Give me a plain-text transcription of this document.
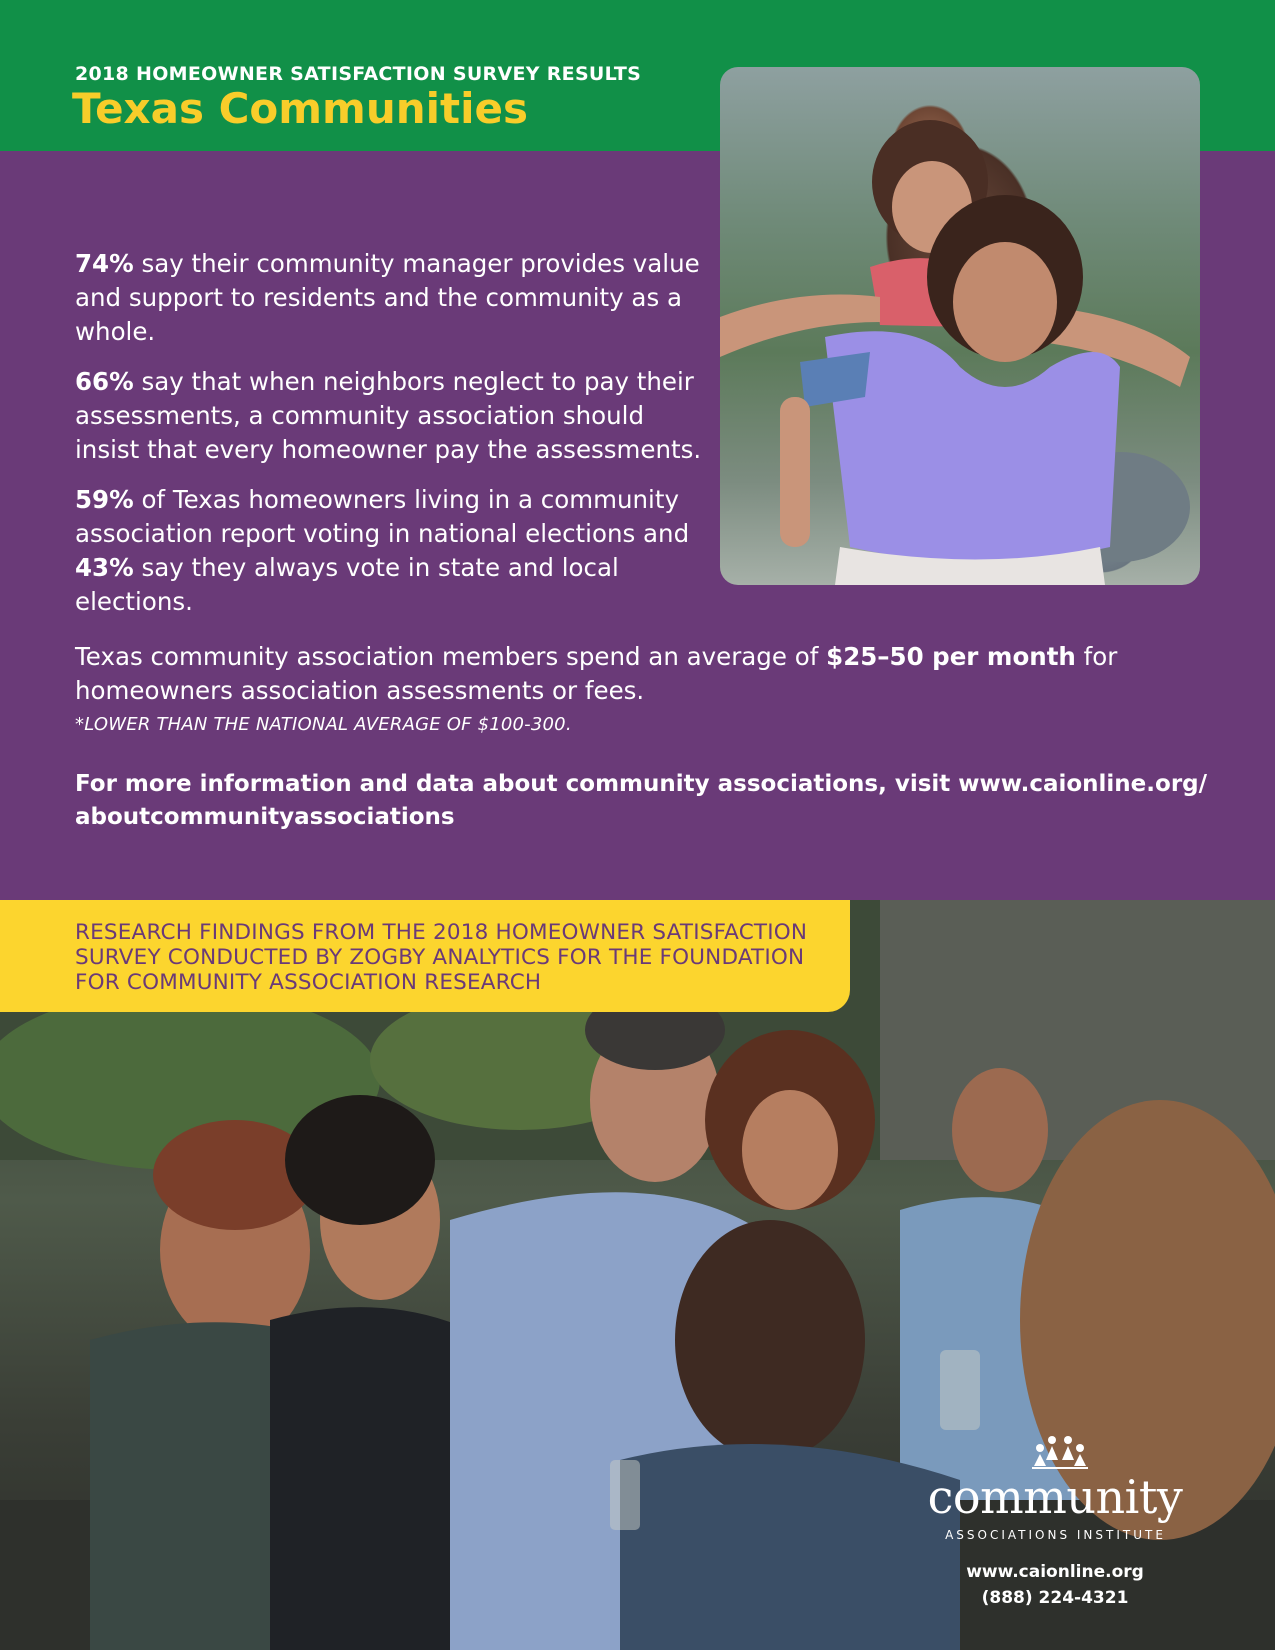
2018 HOMEOWNER SATISFACTION SURVEY RESULTS
Texas Communities

74% say their community manager provides value and support to residents and the community as a whole.

66% say that when neighbors neglect to pay their assessments, a community association should insist that every homeowner pay the assessments.

59% of Texas homeowners living in a community association report voting in national elections and 43% say they always vote in state and local elections.

Texas community association members spend an average of $25–50 per month for homeowners association assessments or fees.
*LOWER THAN THE NATIONAL AVERAGE OF $100-300.
For more information and data about community associations, visit www.caionline.org/ aboutcommunityassociations
RESEARCH FINDINGS FROM THE 2018 HOMEOWNER SATISFACTION SURVEY CONDUCTED BY ZOGBY ANALYTICS FOR THE FOUNDATION FOR COMMUNITY ASSOCIATION RESEARCH
community
ASSOCIATIONS INSTITUTE
www.caionline.org
(888) 224-4321
